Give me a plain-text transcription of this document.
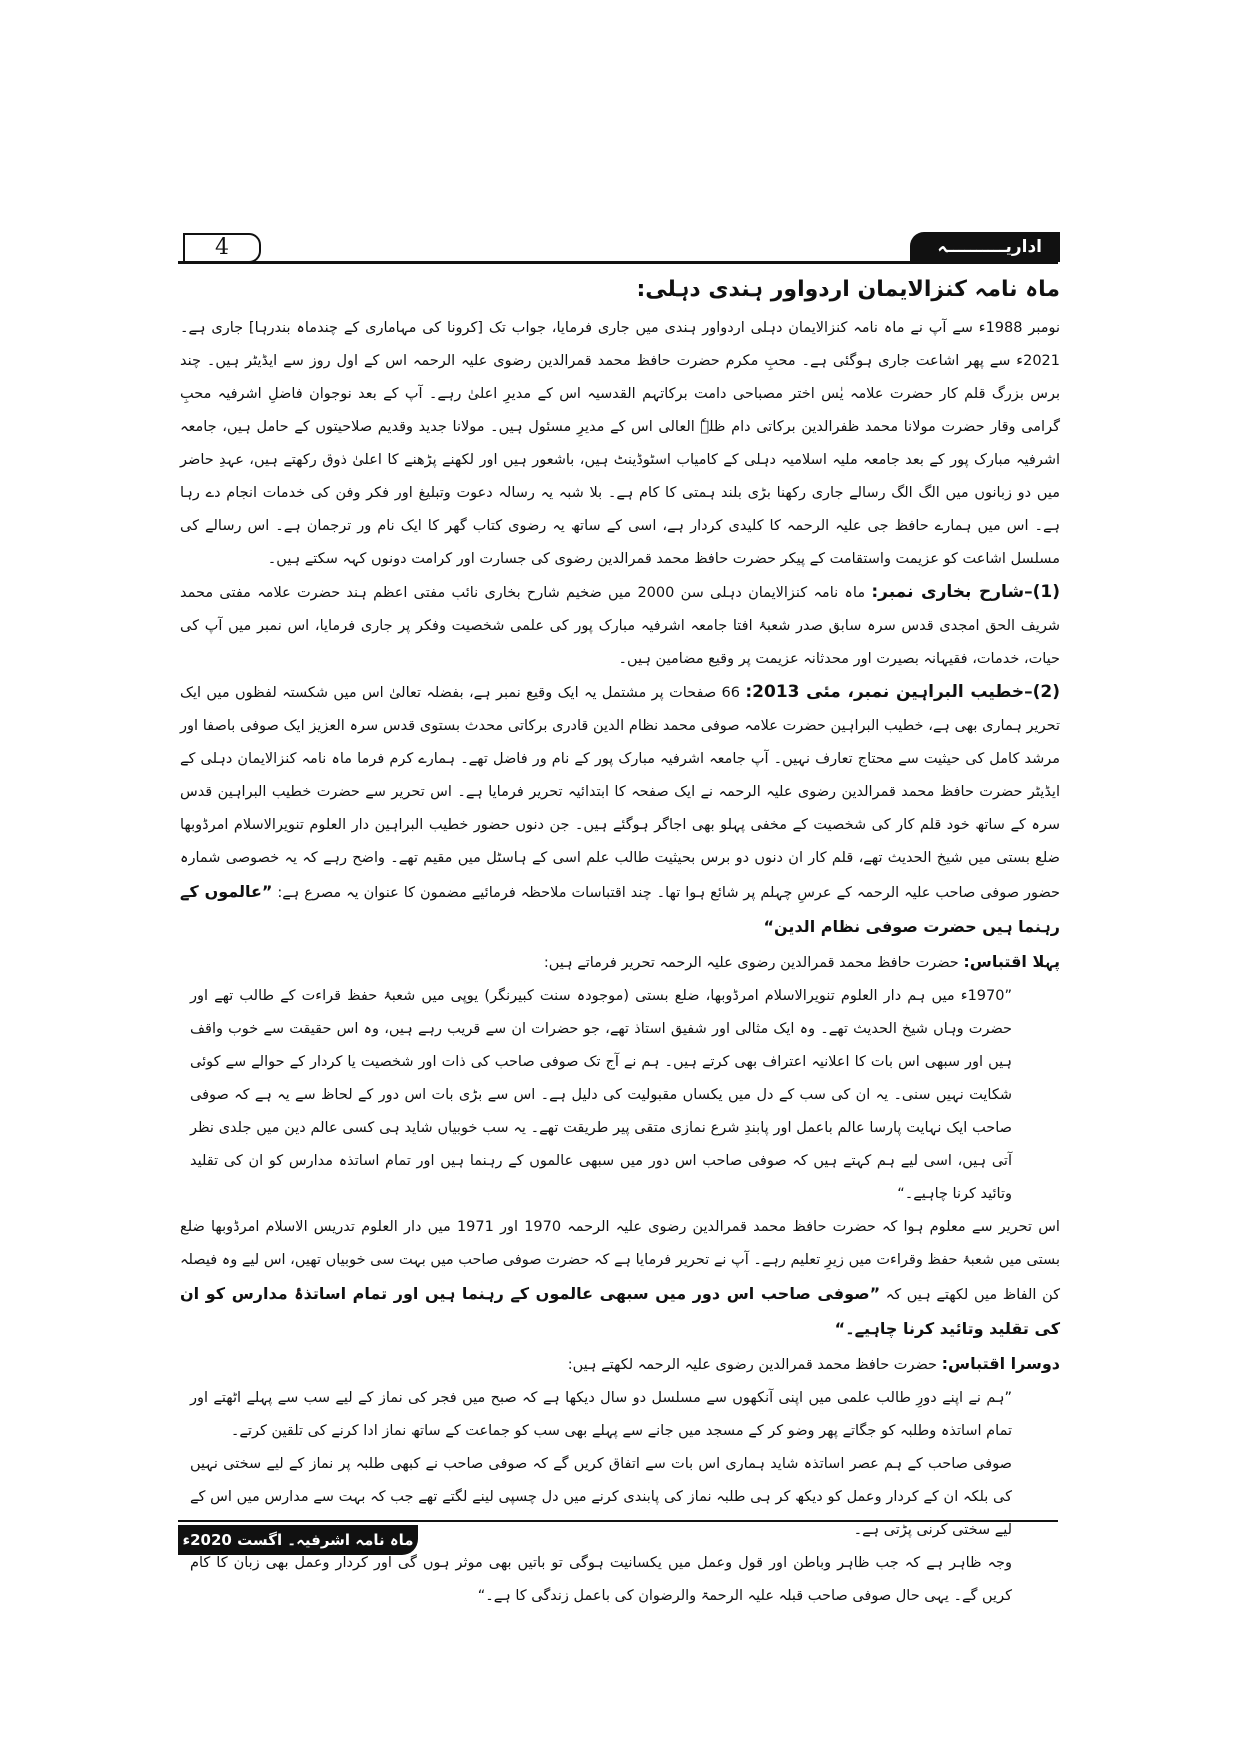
4	اداریــــــــــہ
ماہ نامہ کنزالایمان اردواور ہندی دہلی:

نومبر 1988ء سے آپ نے ماہ نامہ کنزالایمان دہلی اردواور ہندی میں جاری فرمایا، جواب تک [کرونا کی مہاماری کے چندماہ بندرہا] جاری ہے۔ 2021ء سے پھر اشاعت جاری ہوگئی ہے۔ محبِ مکرم حضرت حافظ محمد قمرالدین رضوی علیہ الرحمہ اس کے اول روز سے ایڈیٹر ہیں۔ چند برس بزرگ قلم کار حضرت علامہ یٰس اختر مصباحی دامت برکاتہم القدسیہ اس کے مدیرِ اعلیٰ رہے۔ آپ کے بعد نوجوان فاضلِ اشرفیہ محبِ گرامی وقار حضرت مولانا محمد ظفرالدین برکاتی دام ظلہٗ العالی اس کے مدیرِ مسئول ہیں۔ مولانا جدید وقدیم صلاحیتوں کے حامل ہیں، جامعہ اشرفیہ مبارک پور کے بعد جامعہ ملیہ اسلامیہ دہلی کے کامیاب اسٹوڈینٹ ہیں، باشعور ہیں اور لکھنے پڑھنے کا اعلیٰ ذوق رکھتے ہیں، عہدِ حاضر میں دو زبانوں میں الگ الگ رسالے جاری رکھنا بڑی بلند ہمتی کا کام ہے۔ بلا شبہ یہ رسالہ دعوت وتبلیغ اور فکر وفن کی خدمات انجام دے رہا ہے۔ اس میں ہمارے حافظ جی علیہ الرحمہ کا کلیدی کردار ہے، اسی کے ساتھ یہ رضوی کتاب گھر کا ایک نام ور ترجمان ہے۔ اس رسالے کی مسلسل اشاعت کو عزیمت واستقامت کے پیکر حضرت حافظ محمد قمرالدین رضوی کی جسارت اور کرامت دونوں کہہ سکتے ہیں۔

(1)–شارح بخاری نمبر: ماہ نامہ کنزالایمان دہلی سن 2000 میں ضخیم شارح بخاری نائب مفتی اعظم ہند حضرت علامہ مفتی محمد شریف الحق امجدی قدس سرہ سابق صدر شعبۂ افتا جامعہ اشرفیہ مبارک پور کی علمی شخصیت وفکر پر جاری فرمایا، اس نمبر میں آپ کی حیات، خدمات، فقیہانہ بصیرت اور محدثانہ عزیمت پر وقیع مضامین ہیں۔

(2)–خطیب البراہین نمبر، مئی 2013: 66 صفحات پر مشتمل یہ ایک وقیع نمبر ہے، بفضلہ تعالیٰ اس میں شکستہ لفظوں میں ایک تحریر ہماری بھی ہے، خطیب البراہین حضرت علامہ صوفی محمد نظام الدین قادری برکاتی محدث بستوی قدس سرہ العزیز ایک صوفی باصفا اور مرشد کامل کی حیثیت سے محتاج تعارف نہیں۔ آپ جامعہ اشرفیہ مبارک پور کے نام ور فاضل تھے۔ ہمارے کرم فرما ماہ نامہ کنزالایمان دہلی کے ایڈیٹر حضرت حافظ محمد قمرالدین رضوی علیہ الرحمہ نے ایک صفحہ کا ابتدائیہ تحریر فرمایا ہے۔ اس تحریر سے حضرت خطیب البراہین قدس سرہ کے ساتھ خود قلم کار کی شخصیت کے مخفی پہلو بھی اجاگر ہوگئے ہیں۔ جن دنوں حضور خطیب البراہین دار العلوم تنویرالاسلام امرڈوبھا ضلع بستی میں شیخ الحدیث تھے، قلم کار ان دنوں دو برس بحیثیت طالب علم اسی کے ہاسٹل میں مقیم تھے۔ واضح رہے کہ یہ خصوصی شمارہ حضور صوفی صاحب علیہ الرحمہ کے عرسِ چہلم پر شائع ہوا تھا۔ چند اقتباسات ملاحظہ فرمائیے مضمون کا عنوان یہ مصرع ہے: ”عالموں کے رہنما ہیں حضرت صوفی نظام الدین“

پہلا اقتباس: حضرت حافظ محمد قمرالدین رضوی علیہ الرحمہ تحریر فرماتے ہیں:

”1970ء میں ہم دار العلوم تنویرالاسلام امرڈوبھا، ضلع بستی (موجودہ سنت کبیرنگر) یوپی میں شعبۂ حفظ قراءت کے طالب تھے اور حضرت وہاں شیخ الحدیث تھے۔ وہ ایک مثالی اور شفیق استاذ تھے، جو حضرات ان سے قریب رہے ہیں، وہ اس حقیقت سے خوب واقف ہیں اور سبھی اس بات کا اعلانیہ اعتراف بھی کرتے ہیں۔ ہم نے آج تک صوفی صاحب کی ذات اور شخصیت یا کردار کے حوالے سے کوئی شکایت نہیں سنی۔ یہ ان کی سب کے دل میں یکساں مقبولیت کی دلیل ہے۔ اس سے بڑی بات اس دور کے لحاظ سے یہ ہے کہ صوفی صاحب ایک نہایت پارسا عالم باعمل اور پابندِ شرع نمازی متقی پیر طریقت تھے۔ یہ سب خوبیاں شاید ہی کسی عالم دین میں جلدی نظر آتی ہیں، اسی لیے ہم کہتے ہیں کہ صوفی صاحب اس دور میں سبھی عالموں کے رہنما ہیں اور تمام اساتذہ مدارس کو ان کی تقلید وتائید کرنا چاہیے۔“

اس تحریر سے معلوم ہوا کہ حضرت حافظ محمد قمرالدین رضوی علیہ الرحمہ 1970 اور 1971 میں دار العلوم تدریس الاسلام امرڈوبھا ضلع بستی میں شعبۂ حفظ وقراءت میں زیرِ تعلیم رہے۔ آپ نے تحریر فرمایا ہے کہ حضرت صوفی صاحب میں بہت سی خوبیاں تھیں، اس لیے وہ فیصلہ کن الفاظ میں لکھتے ہیں کہ ”صوفی صاحب اس دور میں سبھی عالموں کے رہنما ہیں اور تمام اساتذۂ مدارس کو ان کی تقلید وتائید کرنا چاہیے۔“

دوسرا اقتباس: حضرت حافظ محمد قمرالدین رضوی علیہ الرحمہ لکھتے ہیں:

”ہم نے اپنے دورِ طالب علمی میں اپنی آنکھوں سے مسلسل دو سال دیکھا ہے کہ صبح میں فجر کی نماز کے لیے سب سے پہلے اٹھتے اور تمام اساتذہ وطلبہ کو جگاتے پھر وضو کر کے مسجد میں جانے سے پہلے بھی سب کو جماعت کے ساتھ نماز ادا کرنے کی تلقین کرتے۔

صوفی صاحب کے ہم عصر اساتذہ شاید ہماری اس بات سے اتفاق کریں گے کہ صوفی صاحب نے کبھی طلبہ پر نماز کے لیے سختی نہیں کی بلکہ ان کے کردار وعمل کو دیکھ کر ہی طلبہ نماز کی پابندی کرنے میں دل چسپی لینے لگتے تھے جب کہ بہت سے مدارس میں اس کے لیے سختی کرنی پڑتی ہے۔

وجہ ظاہر ہے کہ جب ظاہر وباطن اور قول وعمل میں یکسانیت ہوگی تو باتیں بھی موثر ہوں گی اور کردار وعمل بھی زبان کا کام کریں گے۔ یہی حال صوفی صاحب قبلہ علیہ الرحمۃ والرضوان کی باعمل زندگی کا ہے۔“

ماہ نامہ اشرفیہ۔ اگست 2020ء
